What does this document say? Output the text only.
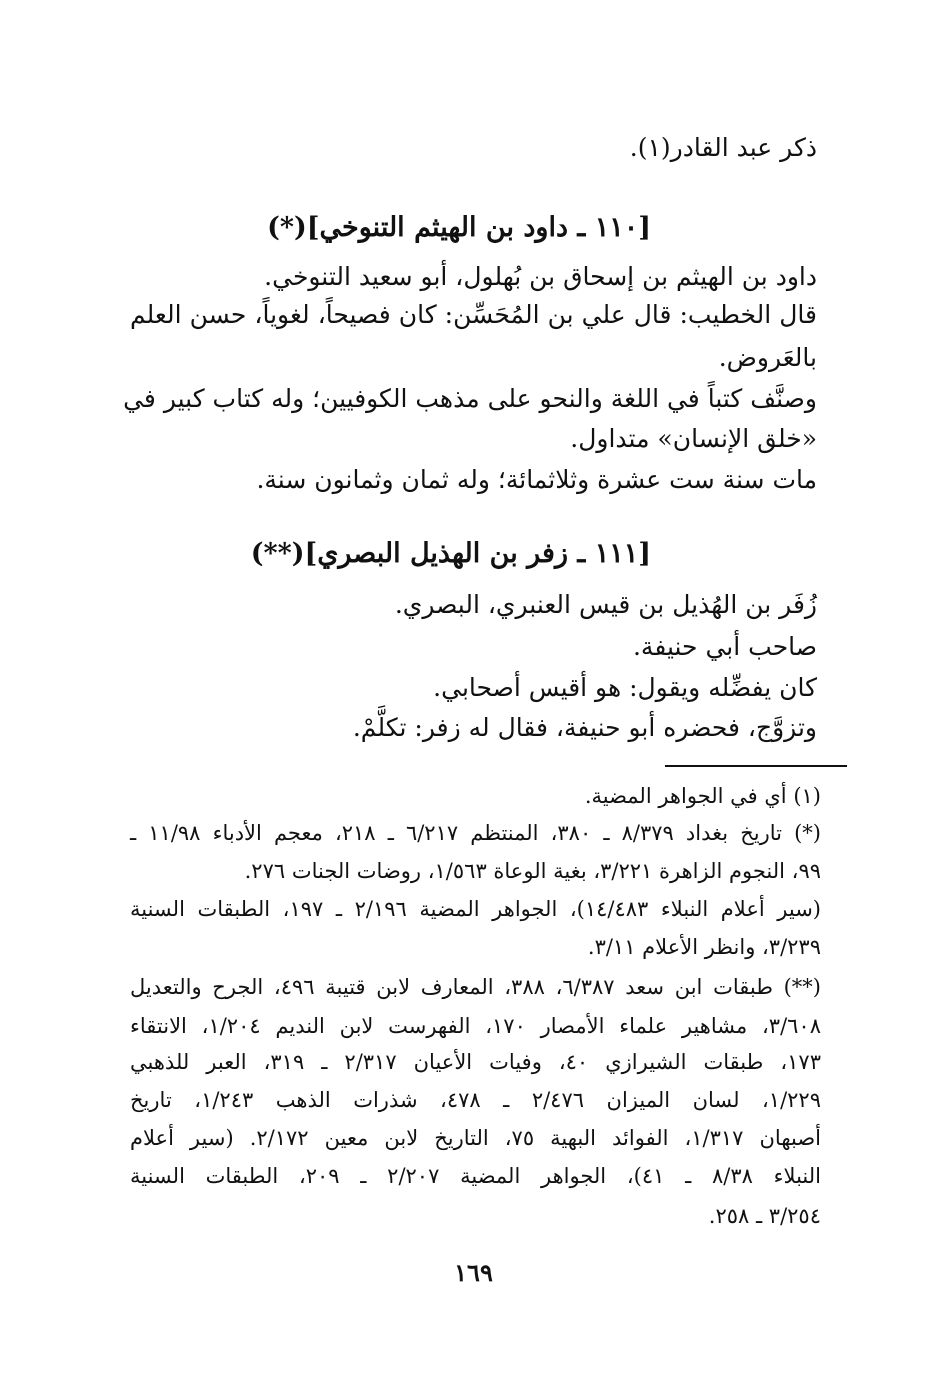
ذكر عبد القادر(١).
[١١٠ ـ داود بن الهيثم التنوخي](*)
داود بن الهيثم بن إسحاق بن بُهلول، أبو سعيد التنوخي.
قال الخطيب: قال علي بن المُحَسِّن: كان فصيحاً، لغوياً، حسن العلم
بالعَروض.
وصنَّف كتباً في اللغة والنحو على مذهب الكوفيين؛ وله كتاب كبير في
«خلق الإنسان» متداول.
مات سنة ست عشرة وثلاثمائة؛ وله ثمان وثمانون سنة.
[١١١ ـ زفر بن الهذيل البصري](**)
زُفَر بن الهُذيل بن قيس العنبري، البصري.
صاحب أبي حنيفة.
كان يفضِّله ويقول: هو أقيس أصحابي.
وتزوَّج، فحضره أبو حنيفة، فقال له زفر: تكلَّمْ.
(١) أي في الجواهر المضية.
(*) تاريخ بغداد ٨/٣٧٩ ـ ٣٨٠، المنتظم ٦/٢١٧ ـ ٢١٨، معجم الأدباء ١١/٩٨ ـ
٩٩، النجوم الزاهرة ٣/٢٢١، بغية الوعاة ١/٥٦٣، روضات الجنات ٢٧٦.
(سير أعلام النبلاء ١٤/٤٨٣)، الجواهر المضية ٢/١٩٦ ـ ١٩٧، الطبقات السنية
٣/٢٣٩، وانظر الأعلام ٣/١١.
(**) طبقات ابن سعد ٦/٣٨٧، ٣٨٨، المعارف لابن قتيبة ٤٩٦، الجرح والتعديل
٣/٦٠٨، مشاهير علماء الأمصار ١٧٠، الفهرست لابن النديم ١/٢٠٤، الانتقاء
١٧٣، طبقات الشيرازي ٤٠، وفيات الأعيان ٢/٣١٧ ـ ٣١٩، العبر للذهبي
١/٢٢٩، لسان الميزان ٢/٤٧٦ ـ ٤٧٨، شذرات الذهب ١/٢٤٣، تاريخ
أصبهان ١/٣١٧، الفوائد البهية ٧٥، التاريخ لابن معين ٢/١٧٢. (سير أعلام
النبلاء ٨/٣٨ ـ ٤١)، الجواهر المضية ٢/٢٠٧ ـ ٢٠٩، الطبقات السنية
٣/٢٥٤ ـ ٢٥٨.
١٦٩
